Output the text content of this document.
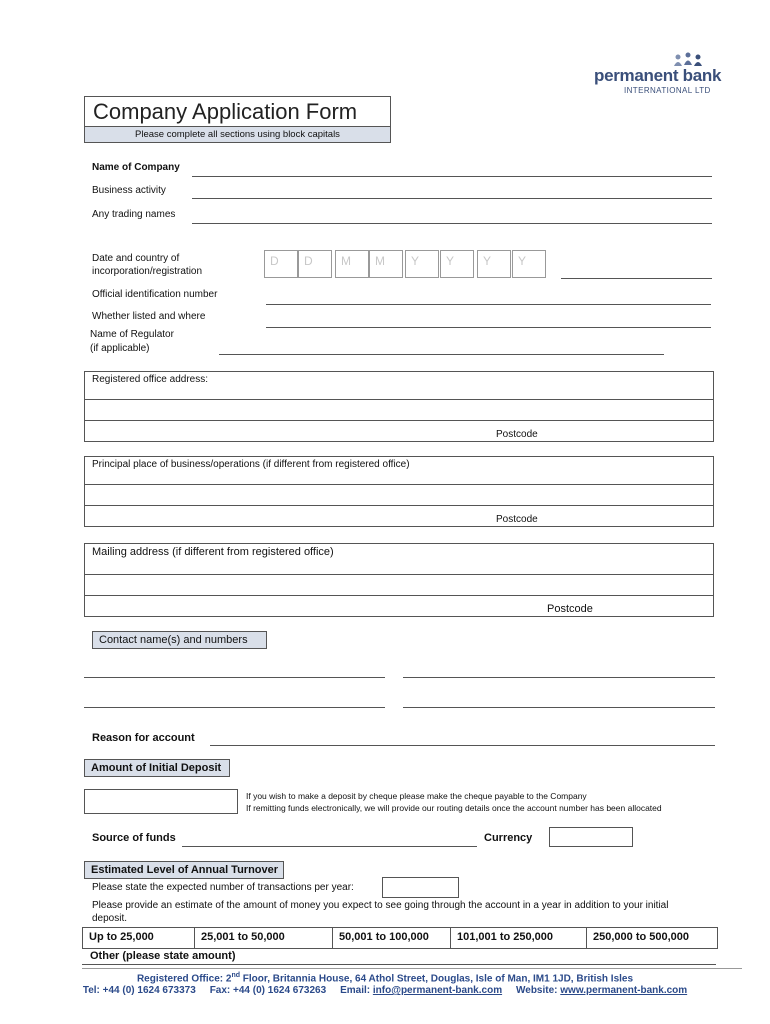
permanent bank
INTERNATIONAL LTD
Company Application Form
Please complete all sections using block capitals
Name of Company
Business activity
Any trading names
Date and country of
incorporation/registration
D	D	M	M	Y	Y	Y	Y
Official identification number
Whether listed and where
Name of Regulator
(if applicable)
Registered office address:
Postcode
Principal place of business/operations (if different from registered office)
Postcode
Mailing address (if different from registered office)
Postcode
Contact name(s) and numbers
Reason for account
Amount of Initial Deposit
If you wish to make a deposit by cheque please make the cheque payable to the Company
If remitting funds electronically, we will provide our routing details once the account number has been allocated
Source of funds	Currency
Estimated Level of Annual Turnover
Please state the expected number of transactions per year:
Please provide an estimate of the amount of money you expect to see going through the account in a year in addition to your initial
deposit.
Up to 25,000	25,001 to 50,000	50,001 to 100,000	101,001 to 250,000	250,000 to 500,000
Other (please state amount)
Registered Office: 2nd Floor, Britannia House, 64 Athol Street, Douglas, Isle of Man, IM1 1JD, British Isles
Tel: +44 (0) 1624 673373 Fax: +44 (0) 1624 673263 Email: info@permanent-bank.com Website: www.permanent-bank.com
